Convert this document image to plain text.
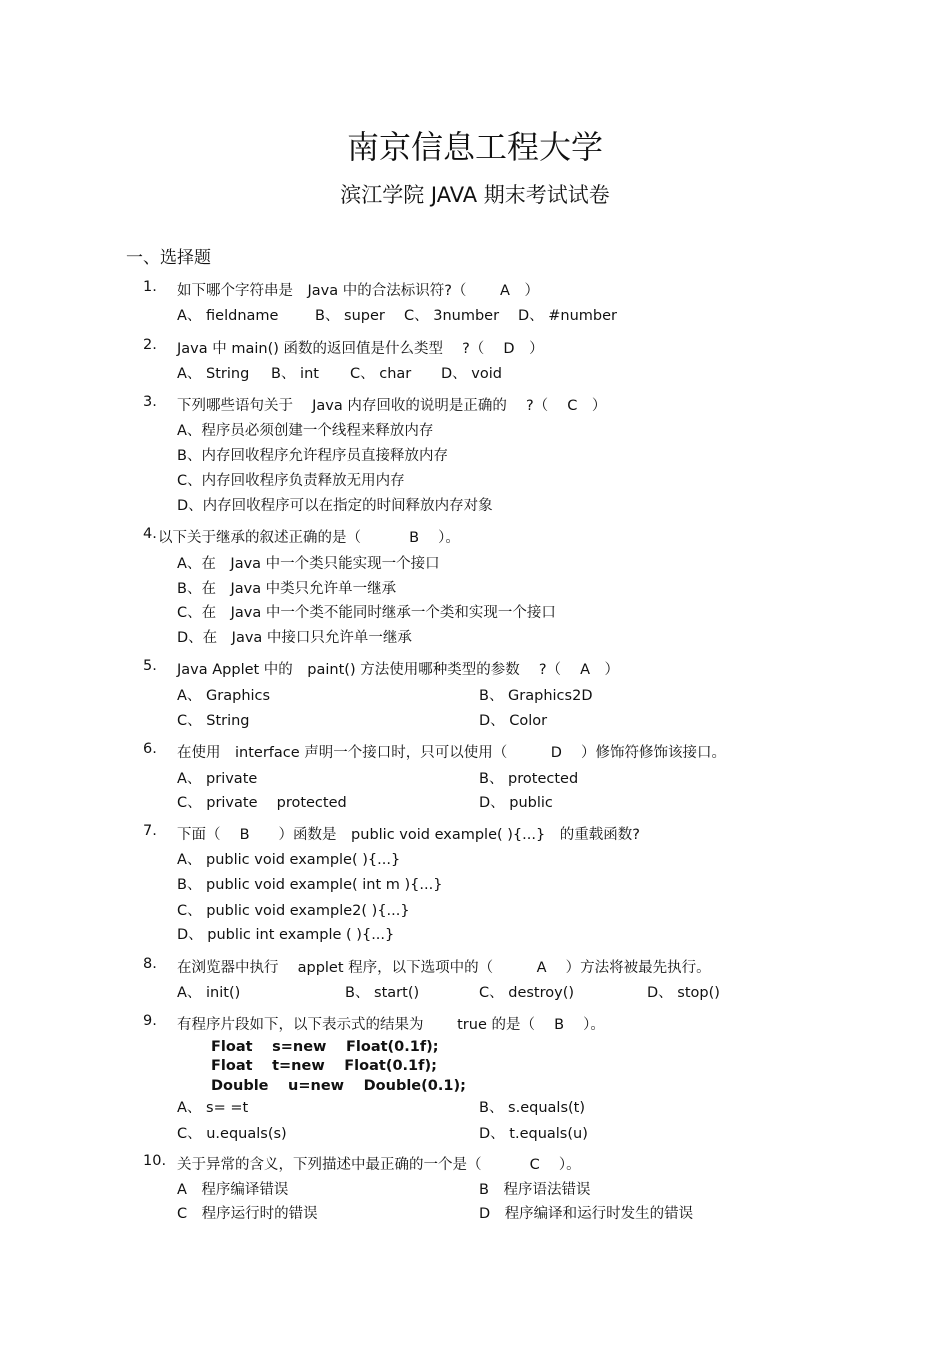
南京信息工程大学
滨江学院 JAVA 期末考试试卷
一、选择题
1. 如下哪个字符串是　Java 中的合法标识符?（　　 A　）
A、 fieldname	B、 super C、 3number D、 #number
2. Java 中 main() 函数的返回值是什么类型　 ?（　 D　）
A、 String B、 int C、 char D、 void
3. 下列哪些语句关于　 Java 内存回收的说明是正确的　 ?（　 C　）
A、程序员必须创建一个线程来释放内存
B、内存回收程序允许程序员直接释放内存
C、内存回收程序负责释放无用内存
D、内存回收程序可以在指定的时间释放内存对象
4. 以下关于继承的叙述正确的是（　　　 B　 ）。
A、在　Java 中一个类只能实现一个接口
B、在　Java 中类只允许单一继承
C、在　Java 中一个类不能同时继承一个类和实现一个接口
D、在　Java 中接口只允许单一继承
5. Java Applet 中的　paint() 方法使用哪种类型的参数　 ?（　 A　）
A、 Graphics	B、 Graphics2D
C、 String	D、 Color
6. 在使用　interface 声明一个接口时，只可以使用（　　　D　 ）修饰符修饰该接口。
A、 private	B、 protected
C、 private　 protected	D、 public
7. 下面（　 B　　）函数是　public void example( ){...}　的重载函数?
A、 public void example( ){...}
B、 public void example( int m ){...}
C、 public void example2( ){...}
D、 public int example ( ){...}
8. 在浏览器中执行　 applet 程序，以下选项中的（　　　A　 ）方法将被最先执行。
A、 init()	B、 start()	C、 destroy()	D、 stop()
9. 有程序片段如下，以下表示式的结果为　　 true 的是（　 B　 ）。
Float　 s=new　 Float(0.1f);
Float　 t=new　 Float(0.1f);
Double　 u=new　 Double(0.1);
A、 s= =t	B、 s.equals(t)
C、 u.equals(s)	D、 t.equals(u)
10. 关于异常的含义，下列描述中最正确的一个是（　　　 C　 ）。
A　程序编译错误	B　程序语法错误
C　程序运行时的错误	D　程序编译和运行时发生的错误
